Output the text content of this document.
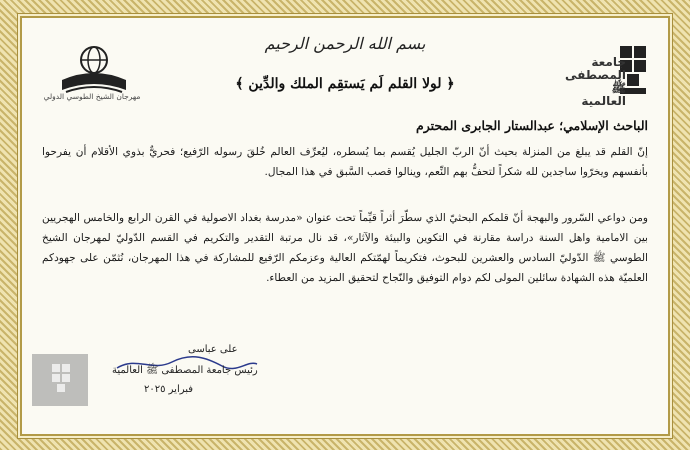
جامعة
المصطفى ﷺ
العالمية
مهرجان الشيخ الطوسي الدولي
بسم الله الرحمن الرحيم
﴿ لولا القلم لَم يَستقِم الملك والدِّين ﴾
الباحث الإسلامي؛ عبدالستار الجابری المحترم
إنّ القلم قد يبلغ من المنزلة بحيث أنّ الربّ الجليل يُقسم بما يُسطره، ليُعرِّف العالم خُلقَ رسوله الرّفيع؛ فحريٌّ بذوي الأقلام أن يفرحوا بأنفسهم ويخرّوا ساجدين لله شكراً لتحفُّ بهم النِّعم، وينالوا قصب السَّبق في هذا المجال.
ومن دواعي السّرور والبهجة أنّ قلمكم البحثيّ الذي سطّرَ أثراً قيِّماً تحت عنوان «مدرسة بغداد الاصولية في القرن الرابع والخامس الهجريين بين الامامية واهل السنة دراسة مقارنة في التكوين والبيئة والآثار»، قد نال مرتبة التقدير والتكريم في القسم الدّوليّ لمهرجان الشيخ الطوسي ﷺ الدّوليّ السادس والعشرين للبحوث، فتكريماً لهمّتكم العالية وعزمكم الرّفيع للمشاركة في هذا المهرجان، نُثمّن على جهودكم العلميّة هذه الشهادة سائلين المولى لكم دوام التوفيق والنّجاح لتحقيق المزيد من العطاء.
علی عباسی
رئيس جامعة المصطفى ﷺ العالمية
فبراير ٢٠٢٥
